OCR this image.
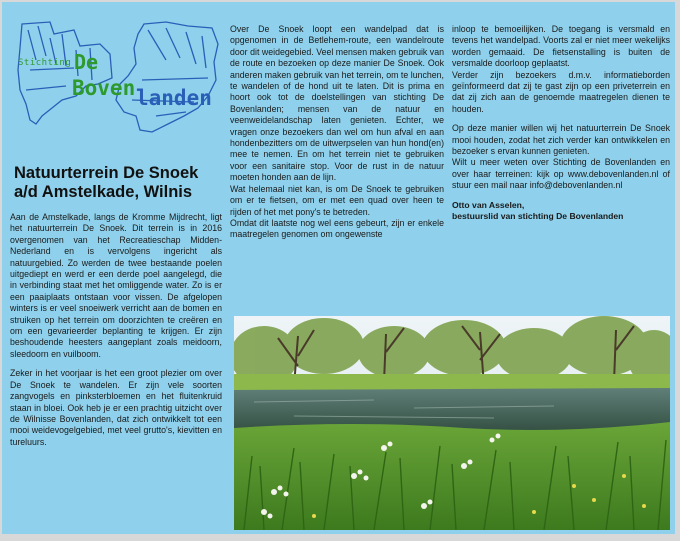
Stichting De
Boven landen
Natuurterrein De Snoek
a/d Amstelkade, Wilnis

Aan de Amstelkade, langs de Kromme Mijdrecht, ligt het natuurterrein De Snoek. Dit terrein is in 2016 overgenomen van het Recreatieschap Midden-Nederland en is vervolgens ingericht als natuurgebied. Zo werden de twee bestaande poelen uitgediept en werd er een derde poel aangelegd, die in verbinding staat met het omliggende water. Zo is er een paaiplaats ontstaan voor vissen. De afgelopen winters is er veel snoeiwerk verricht aan de bomen en struiken op het terrein om doorzichten te creëren en om een gevarieerder beplanting te krijgen. Er zijn beshoudende heesters aangeplant zoals meidoorn, sleedoorn en vuilboom.

Zeker in het voorjaar is het een groot plezier om over De Snoek te wandelen. Er zijn vele soorten zangvogels en pinksterbloemen en het fluitenkruid staan in bloei. Ook heb je er een prachtig uitzicht over de Wilnisse Bovenlanden, dat zich ontwikkelt tot een mooi weidevogelgebied, met veel grutto's, kievitten en tureluurs.

Over De Snoek loopt een wandelpad dat is opgenomen in de Betlehem-route, een wandelroute door dit weidegebied. Veel mensen maken gebruik van de route en bezoeken op deze manier De Snoek. Ook anderen maken gebruik van het terrein, om te lunchen, te wandelen of de hond uit te laten. Dit is prima en hoort ook tot de doelstellingen van stichting De Bovenlanden; mensen van de natuur en veenweidelandschap laten genieten. Echter, we vragen onze bezoekers dan wel om hun afval en aan hondenbezitters om de uitwerpselen van hun hond(en) mee te nemen. En om het terrein niet te gebruiken voor een sanitaire stop. Voor de rust in de natuur moeten honden aan de lijn.

Wat helemaal niet kan, is om De Snoek te gebruiken om er te fietsen, om er met een quad over heen te rijden of het met pony's te betreden.

Omdat dit laatste nog wel eens gebeurt, zijn er enkele maatregelen genomen om ongewenste

inloop te bemoeilijken. De toegang is versmald en tevens het wandelpad. Voorts zal er niet meer wekelijks worden gemaaid. De fietsenstalling is buiten de versmalde doorloop geplaatst.

Verder zijn bezoekers d.m.v. informatieborden geïnformeerd dat zij te gast zijn op een priveterrein en dat zij zich aan de genoemde maatregelen dienen te houden.

Op deze manier willen wij het natuurterrein De Snoek mooi houden, zodat het zich verder kan ontwikkelen en bezoeker s ervan kunnen genieten.

Wilt u meer weten over Stichting de Bovenlanden en over haar terreinen: kijk op www.debovenlanden.nl of stuur een mail naar info@debovenlanden.nl

Otto van Asselen,
bestuurslid van stichting De Bovenlanden
